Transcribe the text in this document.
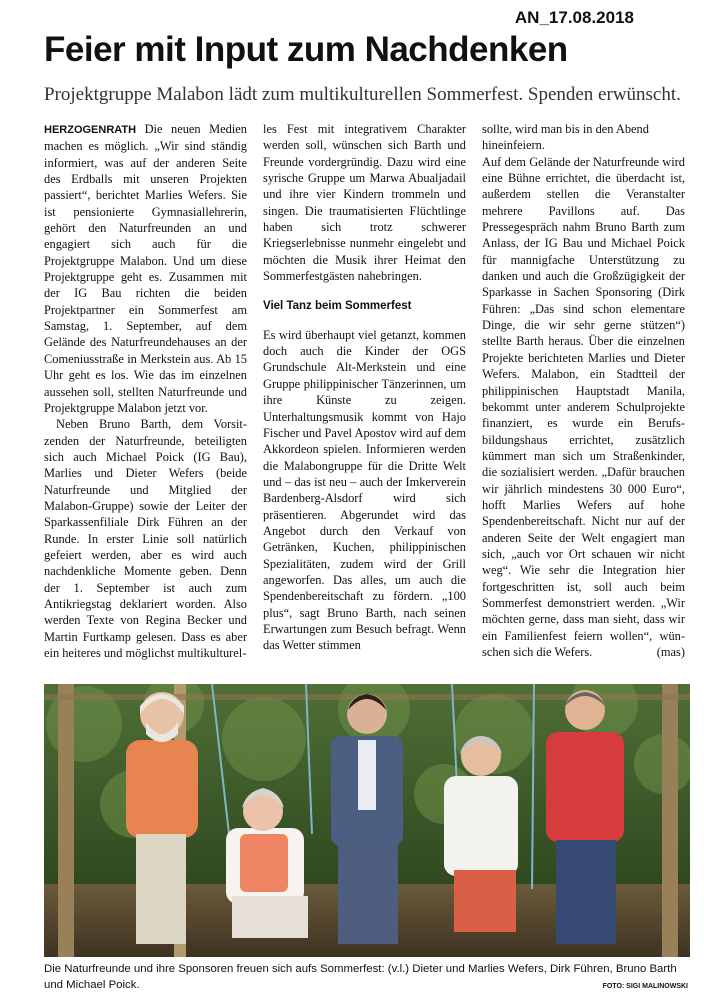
AN_17.08.2018
Feier mit Input zum Nachdenken
Projektgruppe Malabon lädt zum multikulturellen Sommerfest. Spenden erwünscht.

HERZOGENRATH Die neuen Medien machen es möglich. „Wir sind ständig informiert, was auf der anderen Seite des Erdballs mit unseren Projekten passiert“, berichtet Marlies Wefers. Sie ist pensionierte Gymnasiallehrerin, gehört den Naturfreunden an und engagiert sich auch für die Projektgruppe Malabon. Und um diese Projektgruppe geht es. Zusammen mit der IG Bau richten die beiden Projektpartner ein Sommerfest am Samstag, 1. September, auf dem Gelände des Naturfreundehauses an der Comeniusstraße in Merkstein aus. Ab 15 Uhr geht es los. Wie das im einzelnen aussehen soll, stellten Naturfreunde und Projektgruppe Malabon jetzt vor.

Neben Bruno Barth, dem Vorsitzenden der Naturfreunde, beteiligten sich auch Michael Poick (IG Bau), Marlies und Dieter Wefers (beide Naturfreunde und Mitglied der Malabon-Gruppe) sowie der Leiter der Sparkassenfiliale Dirk Führen an der Runde. In erster Linie soll natürlich gefeiert werden, aber es wird auch nachdenkliche Momente geben. Denn der 1. September ist auch zum Antikriegstag deklariert worden. Also werden Texte von Regina Becker und Martin Furtkamp gelesen. Dass es aber ein heiteres und möglichst multikulturel-

les Fest mit integrativem Charakter werden soll, wünschen sich Barth und Freunde vordergründig. Dazu wird eine syrische Gruppe um Marwa Abualjadail und ihre vier Kindern trommeln und singen. Die traumatisierten Flüchtlinge haben sich trotz schwerer Kriegserlebnisse nunmehr eingelebt und möchten die Musik ihrer Heimat den Sommerfestgästen nahebringen.

Viel Tanz beim Sommerfest

Es wird überhaupt viel getanzt, kommen doch auch die Kinder der OGS Grundschule Alt-Merkstein und eine Gruppe philippinischer Tänzerinnen, um ihre Künste zu zeigen. Unterhaltungsmusik kommt von Hajo Fischer und Pavel Apostov wird auf dem Akkordeon spielen. Informieren werden die Malabongruppe für die Dritte Welt und – das ist neu – auch der Imkerverein Bardenberg-Alsdorf wird sich präsentieren. Abgerundet wird das Angebot durch den Verkauf von Getränken, Kuchen, philippinischen Spezialitäten, zudem wird der Grill angeworfen. Das alles, um auch die Spendenbereitschaft zu fördern. „100 plus“, sagt Bruno Barth, nach seinen Erwartungen zum Besuch befragt. Wenn das Wetter stimmen

sollte, wird man bis in den Abend hineinfeiern.

Auf dem Gelände der Naturfreunde wird eine Bühne errichtet, die überdacht ist, außerdem stellen die Veranstalter mehrere Pavillons auf. Das Pressegespräch nahm Bruno Barth zum Anlass, der IG Bau und Michael Poick für mannigfache Unterstützung zu danken und auch die Großzügigkeit der Sparkasse in Sachen Sponsoring (Dirk Führen: „Das sind schon elementare Dinge, die wir sehr gerne stützen“) stellte Barth heraus. Über die einzelnen Projekte berichteten Marlies und Dieter Wefers. Malabon, ein Stadtteil der philippinischen Hauptstadt Manila, bekommt unter anderem Schulprojekte finanziert, es wurde ein Berufsbildungshaus errichtet, zusätzlich kümmert man sich um Straßenkinder, die sozialisiert werden. „Dafür brauchen wir jährlich mindestens 30 000 Euro“, hofft Marlies Wefers auf hohe Spendenbereitschaft. Nicht nur auf der anderen Seite der Welt engagiert man sich, „auch vor Ort schauen wir nicht weg“. Wie sehr die Integration hier fortgeschritten ist, soll auch beim Sommerfest demonstriert werden. „Wir möchten gerne, dass man sieht, dass wir ein Familienfest feiern wollen“, wünschen sich die Wefers.	(mas)

Die Naturfreunde und ihre Sponsoren freuen sich aufs Sommerfest: (v.l.) Dieter und Marlies Wefers, Dirk Führen, Bruno Barth und Michael Poick.	FOTO: SIGI MALINOWSKI
